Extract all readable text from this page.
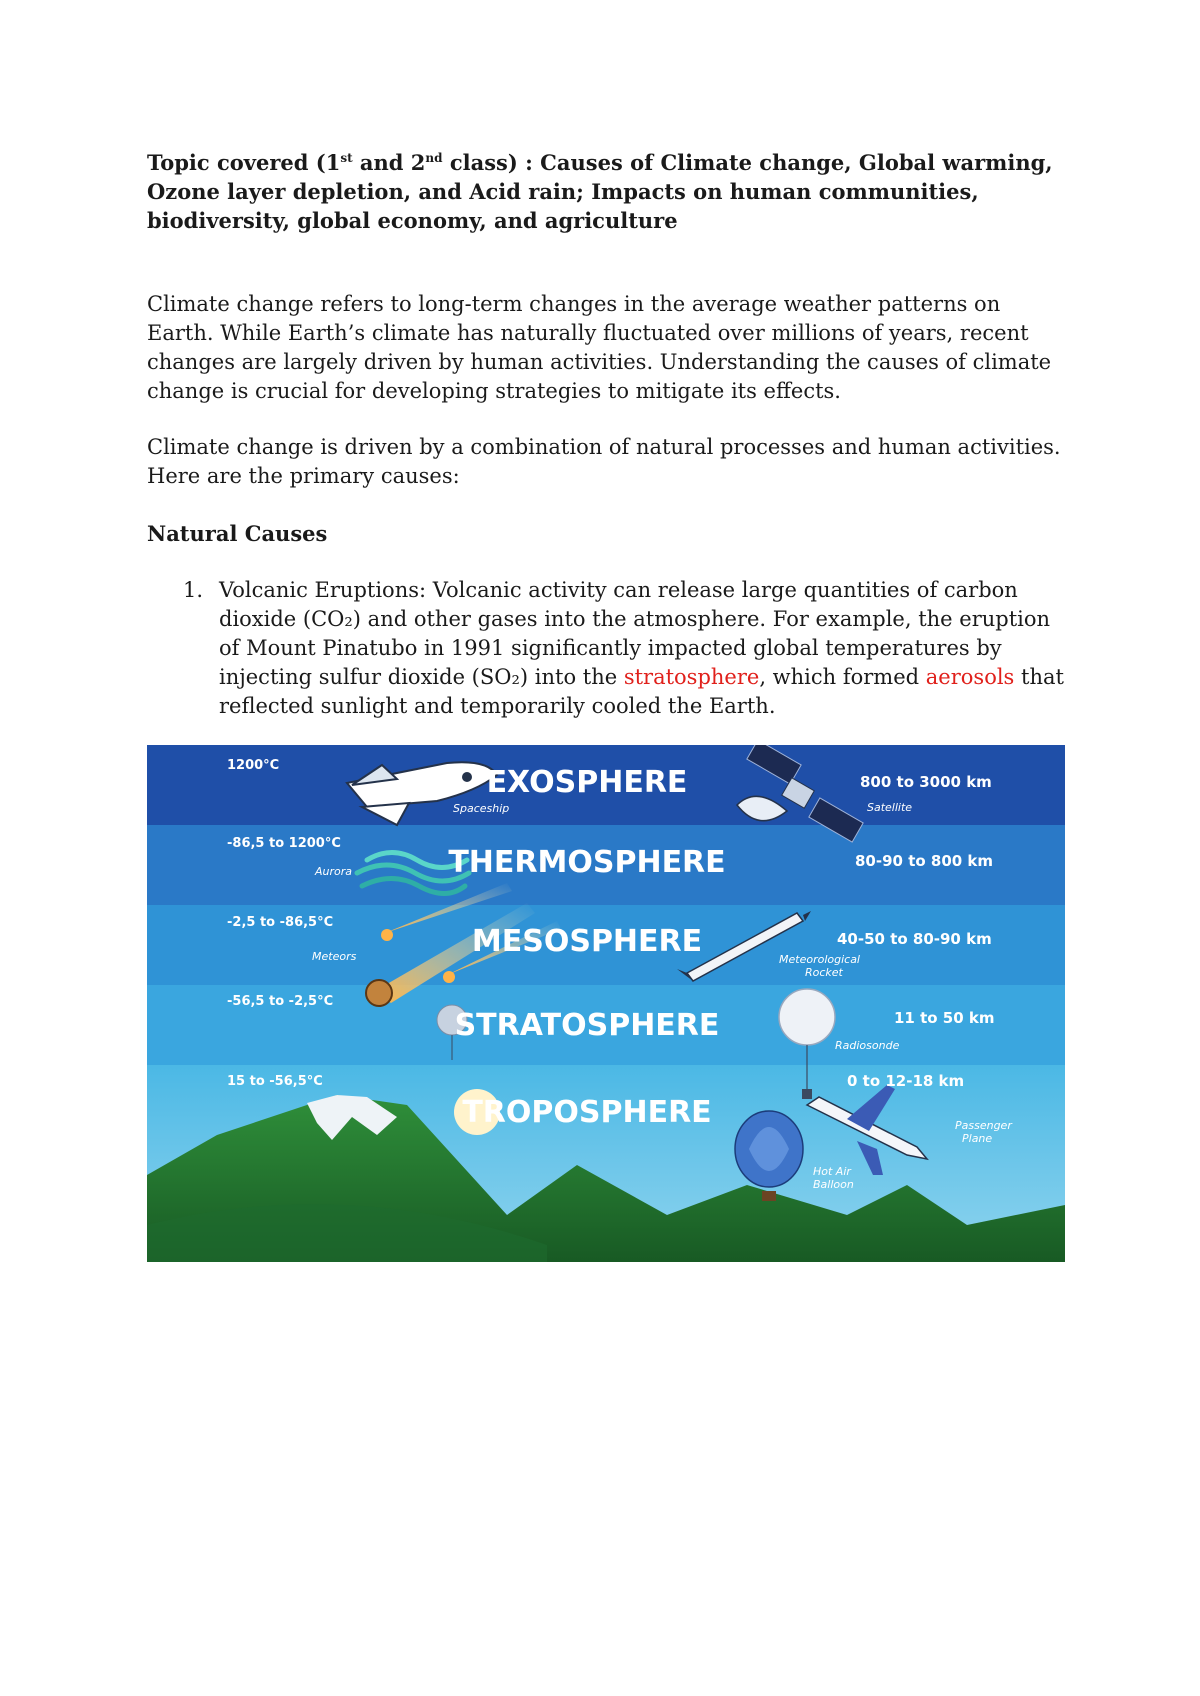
Topic covered (1st and 2nd class) : Causes of Climate change, Global warming, Ozone layer depletion, and Acid rain; Impacts on human communities, biodiversity, global economy, and agriculture

Climate change refers to long-term changes in the average weather patterns on Earth. While Earth’s climate has naturally fluctuated over millions of years, recent changes are largely driven by human activities. Understanding the causes of climate change is crucial for developing strategies to mitigate its effects.

Climate change is driven by a combination of natural processes and human activities. Here are the primary causes:

Natural Causes
1. Volcanic Eruptions: Volcanic activity can release large quantities of carbon dioxide (CO₂) and other gases into the atmosphere. For example, the eruption of Mount Pinatubo in 1991 significantly impacted global temperatures by injecting sulfur dioxide (SO₂) into the stratosphere, which formed aerosols that reflected sunlight and temporarily cooled the Earth.
EXOSPHERE
THERMOSPHERE
MESOSPHERE
STRATOSPHERE
TROPOSPHERE
1200°C
-86,5 to 1200°C
-2,5 to -86,5°C
-56,5 to -2,5°C
15 to -56,5°C
800 to 3000 km
80-90 to 800 km
40-50 to 80-90 km
11 to 50 km
0 to 12-18 km
Spaceship	Satellite
Aurora
Meteors	Meteorological
Rocket
Radiosonde
Passenger
Plane
Hot Air
Balloon
